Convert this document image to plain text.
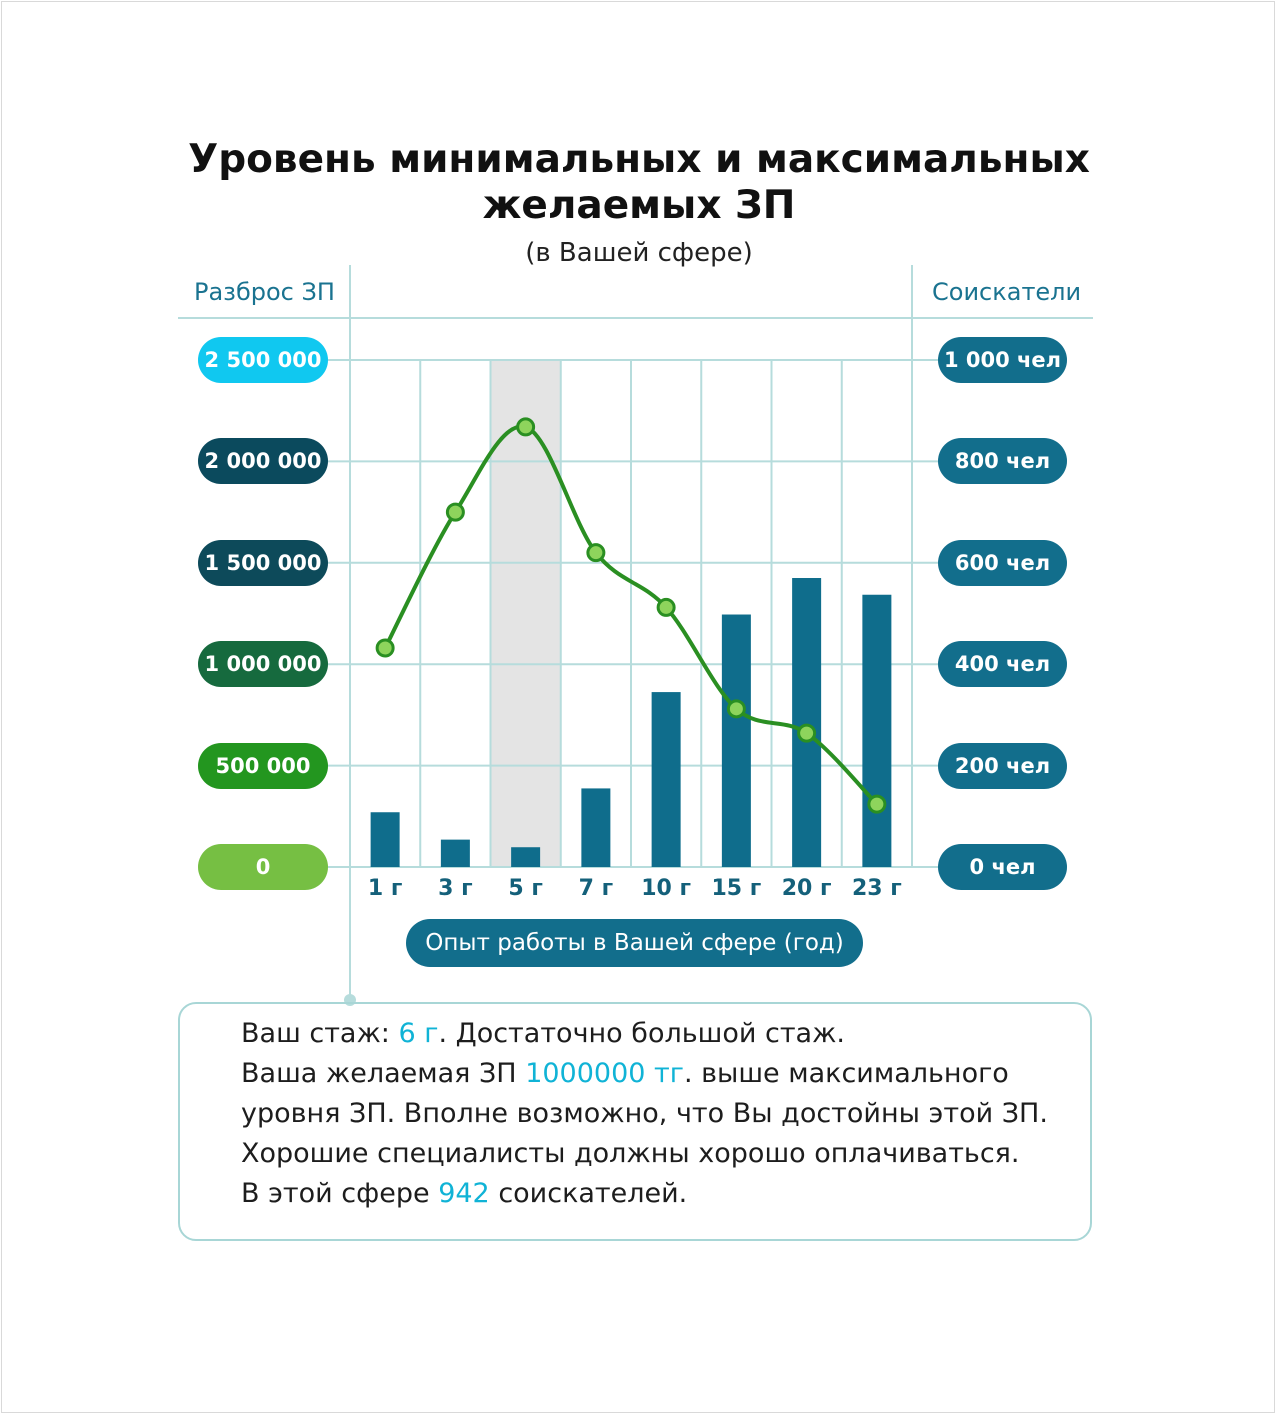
Уровень минимальных и максимальных
желаемых ЗП
(в Вашей сфере)
Разброс ЗП	Соискатели
2 500 000
2 000 000
1 500 000
1 000 000
500 000
0
1 000 чел
800 чел
600 чел
400 чел
200 чел
0 чел
1 г	3 г	5 г	7 г	10 г 15 г 20 г 23 г
Опыт работы в Вашей сфере (год)
Ваш стаж: 6 г. Достаточно большой стаж.
Ваша желаемая ЗП 1000000 тг. выше максимального
уровня ЗП. Вполне возможно, что Вы достойны этой ЗП.
Хорошие специалисты должны хорошо оплачиваться.
В этой сфере 942 соискателей.
